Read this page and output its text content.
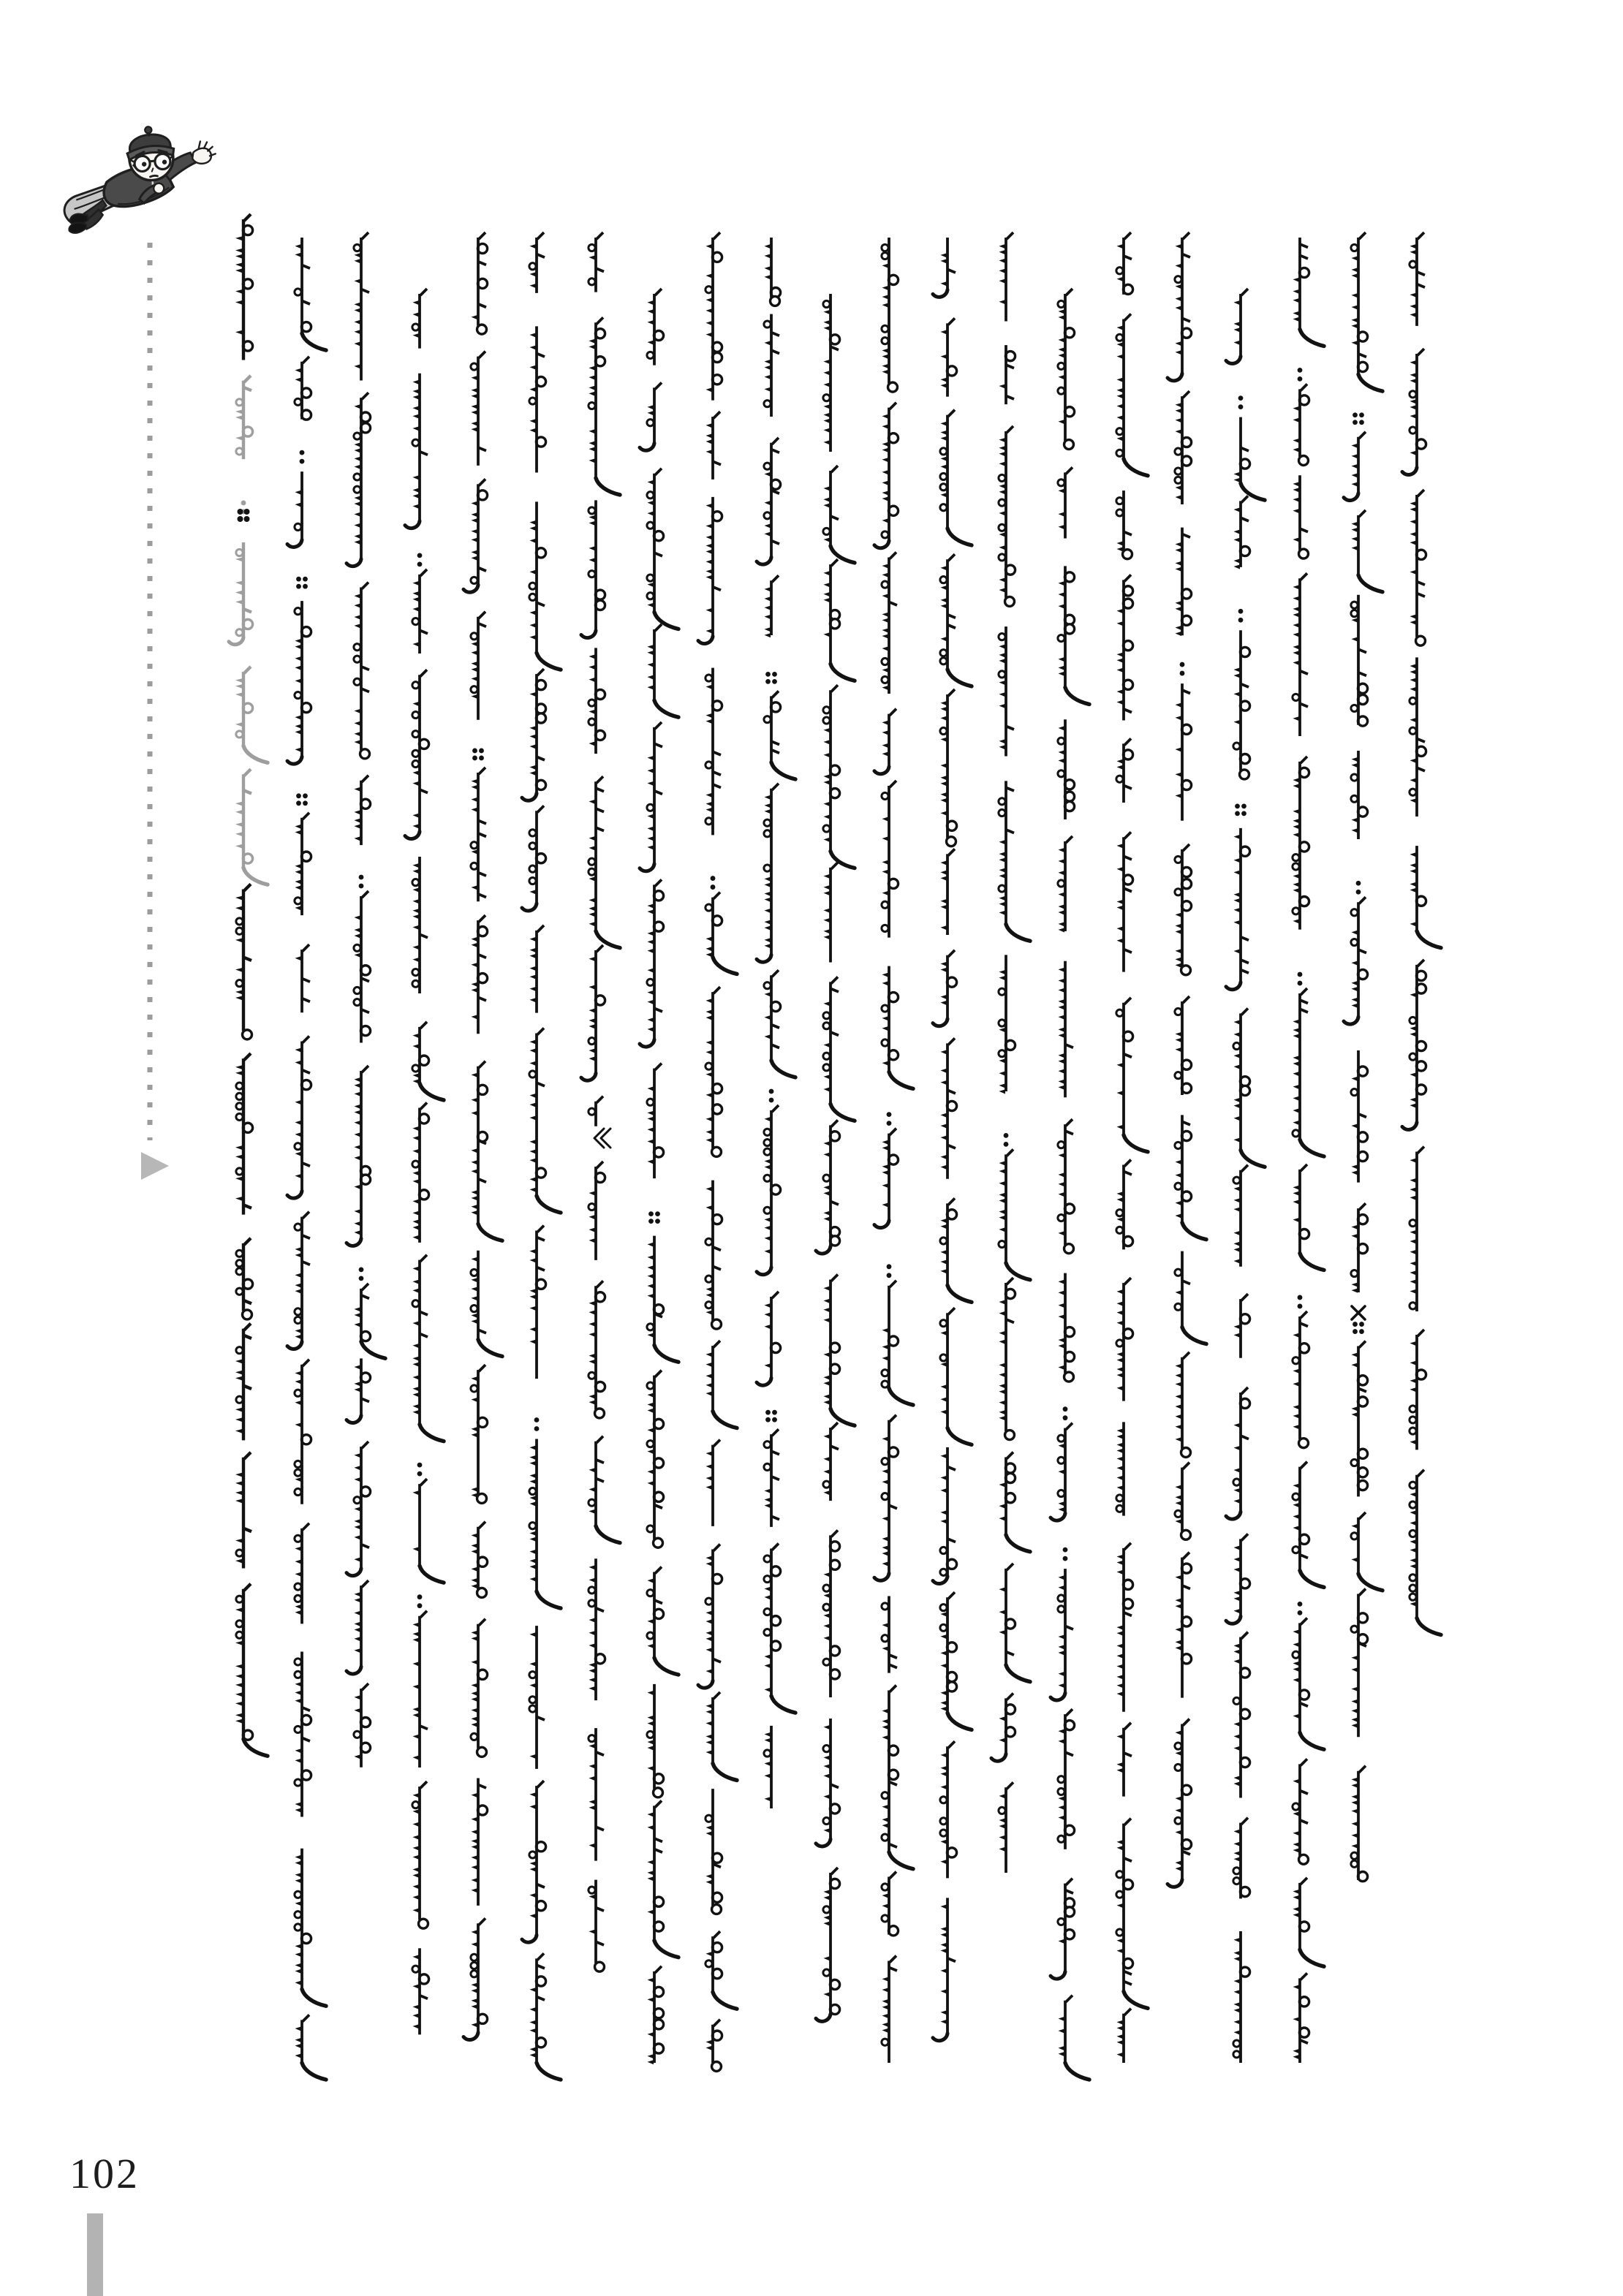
102
